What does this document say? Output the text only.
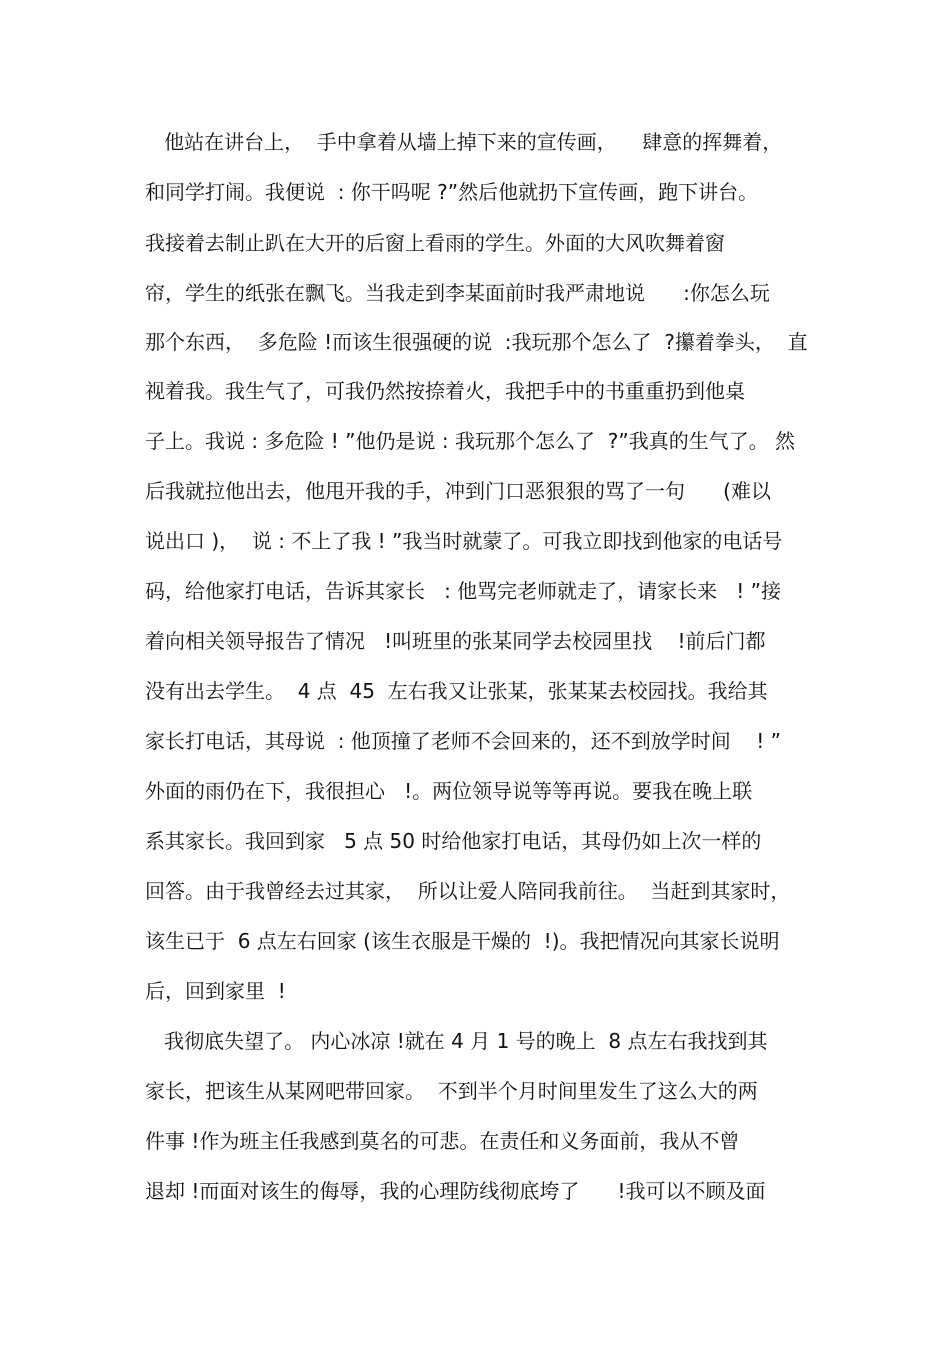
他站在讲台上，  手中拿着从墙上掉下来的宣传画，    肆意的挥舞着，
和同学打闹。我便说  : 你干吗呢 ?”然后他就扔下宣传画，跑下讲台。
我接着去制止趴在大开的后窗上看雨的学生。外面的大风吹舞着窗
帘，学生的纸张在飘飞。当我走到李某面前时我严肃地说      :你怎么玩
那个东西，  多危险 !而该生很强硬的说  :我玩那个怎么了  ?攥着拳头，  直
视着我。我生气了，可我仍然按捺着火，我把手中的书重重扔到他桌
子上。我说 : 多危险 ! ”他仍是说 : 我玩那个怎么了  ?”我真的生气了。 然
后我就拉他出去，他甩开我的手，冲到门口恶狠狠的骂了一句      (难以
说出口 )，  说 : 不上了我 ! ”我当时就蒙了。可我立即找到他家的电话号
码，给他家打电话，告诉其家长   : 他骂完老师就走了，请家长来   ! ”接
着向相关领导报告了情况   !叫班里的张某同学去校园里找    !前后门都
没有出去学生。  4 点  45  左右我又让张某，张某某去校园找。我给其
家长打电话，其母说  : 他顶撞了老师不会回来的，还不到放学时间    ! ”
外面的雨仍在下，我很担心   !。两位领导说等等再说。要我在晚上联
系其家长。我回到家   5 点 50 时给他家打电话，其母仍如上次一样的
回答。由于我曾经去过其家，  所以让爱人陪同我前往。  当赶到其家时，
该生已于  6 点左右回家 (该生衣服是干燥的  !)。我把情况向其家长说明
后，回到家里  !
我彻底失望了。 内心冰凉 !就在 4 月 1 号的晚上  8 点左右我找到其
家长，把该生从某网吧带回家。  不到半个月时间里发生了这么大的两
件事 !作为班主任我感到莫名的可悲。在责任和义务面前，我从不曾
退却 !而面对该生的侮辱，我的心理防线彻底垮了      !我可以不顾及面
